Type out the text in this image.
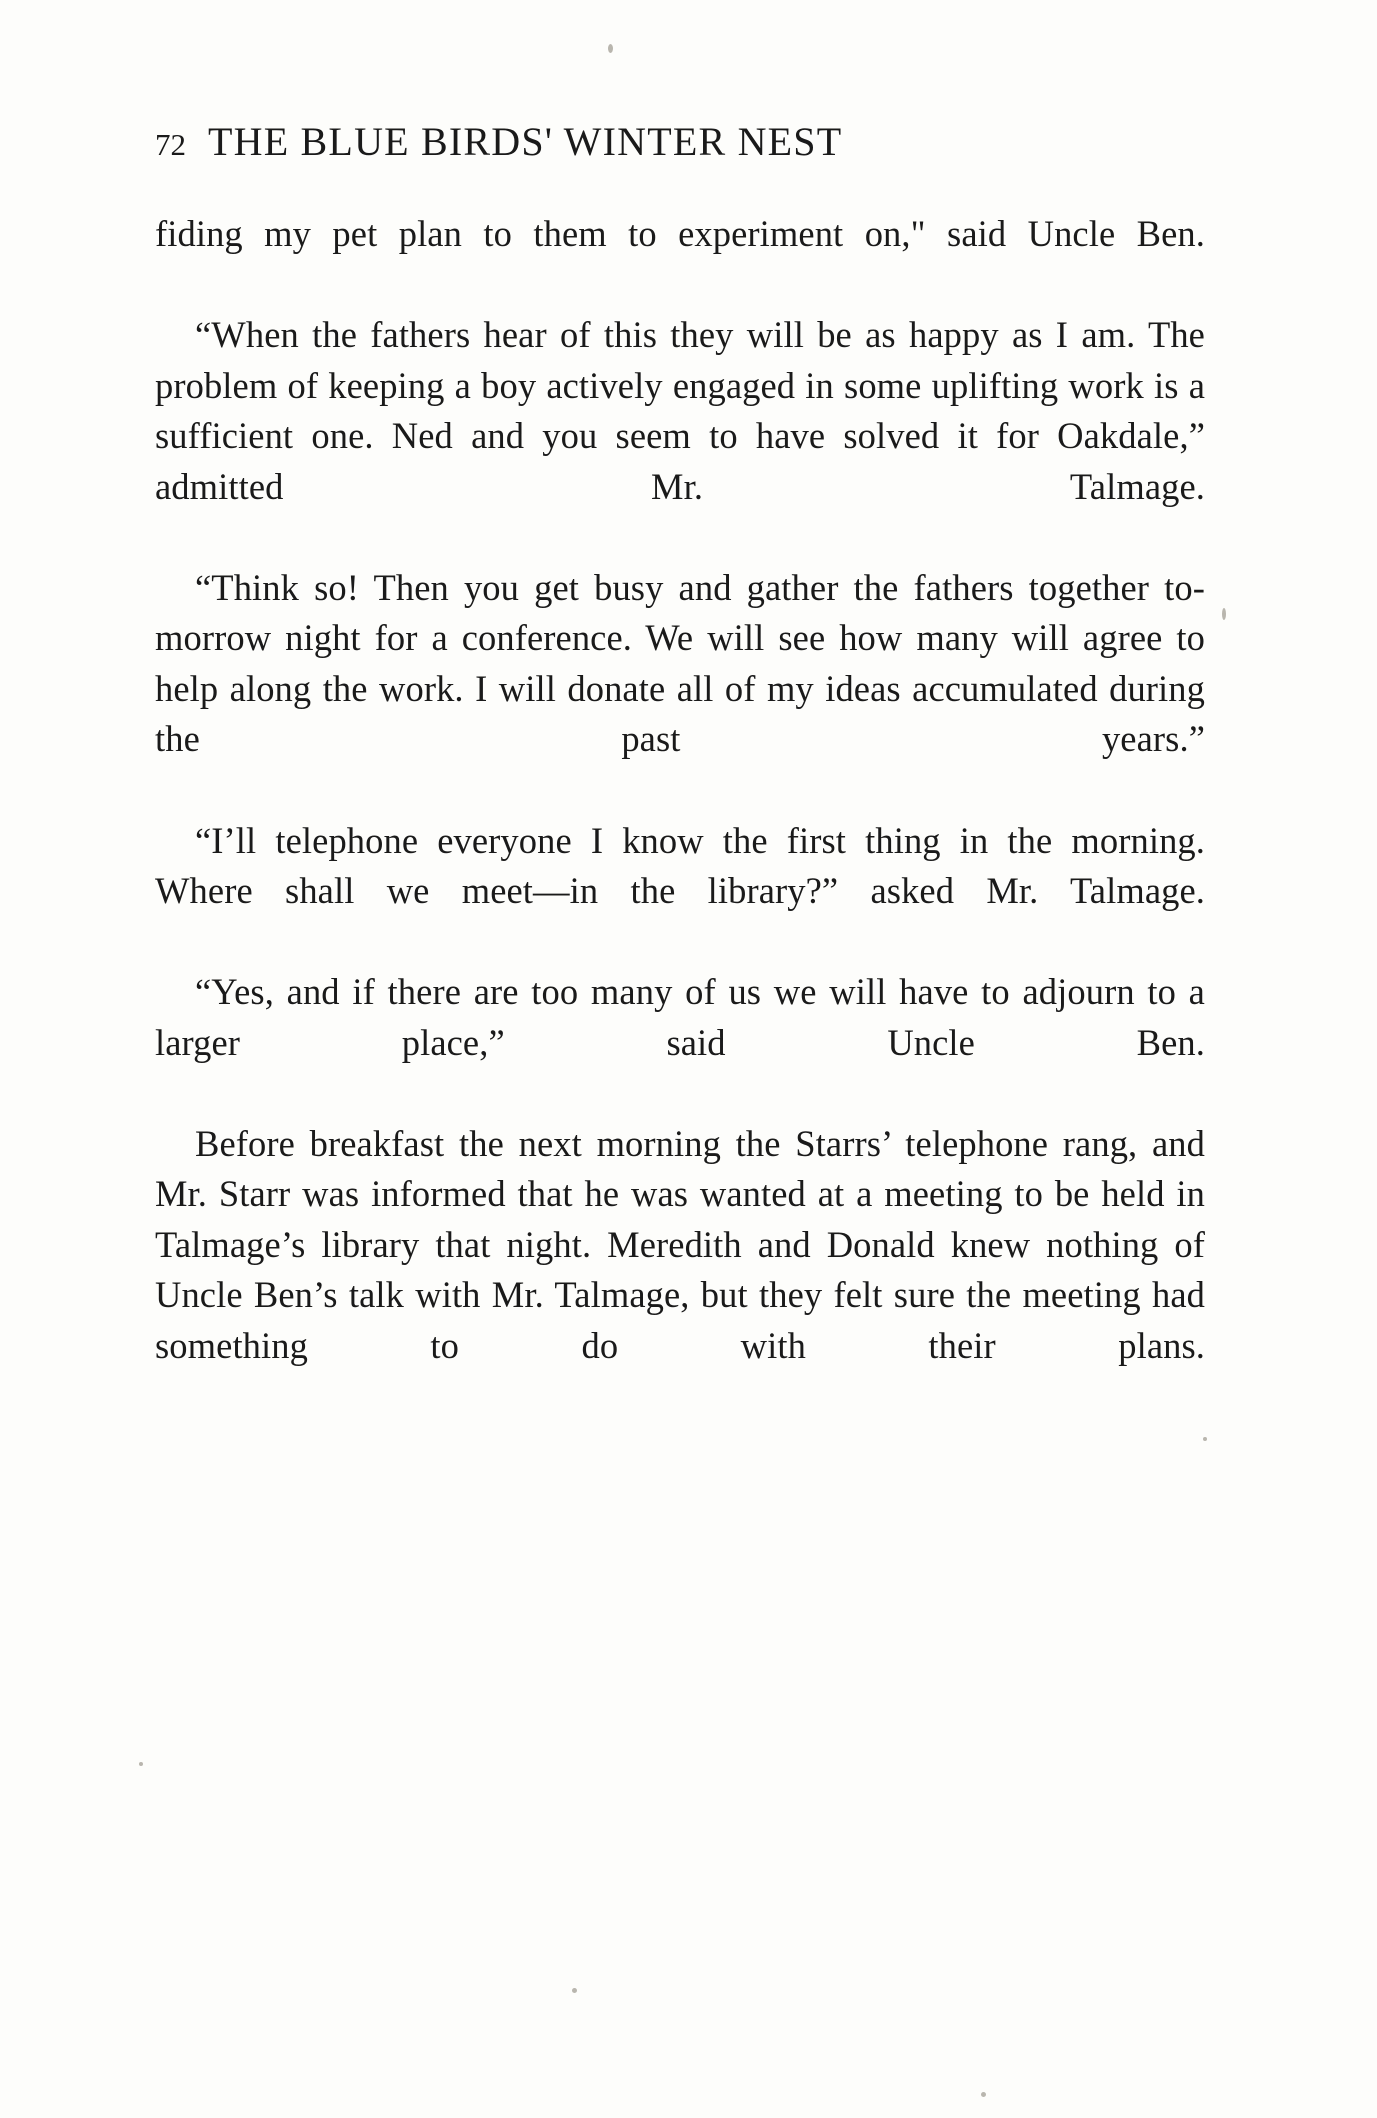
72 THE BLUE BIRDS' WINTER NEST

fiding my pet plan to them to experiment on," said Uncle Ben.

“When the fathers hear of this they will be as happy as I am. The problem of keeping a boy actively engaged in some uplifting work is a sufficient one. Ned and you seem to have solved it for Oakdale,” admitted Mr. Talmage.

“Think so! Then you get busy and gather the fathers together to-morrow night for a conference. We will see how many will agree to help along the work. I will donate all of my ideas accumulated during the past years.”

“I’ll telephone everyone I know the first thing in the morning. Where shall we meet—in the library?” asked Mr. Talmage.

“Yes, and if there are too many of us we will have to adjourn to a larger place,” said Uncle Ben.

Before breakfast the next morning the Starrs’ telephone rang, and Mr. Starr was informed that he was wanted at a meeting to be held in Talmage’s library that night. Meredith and Donald knew nothing of Uncle Ben’s talk with Mr. Talmage, but they felt sure the meeting had something to do with their plans.
